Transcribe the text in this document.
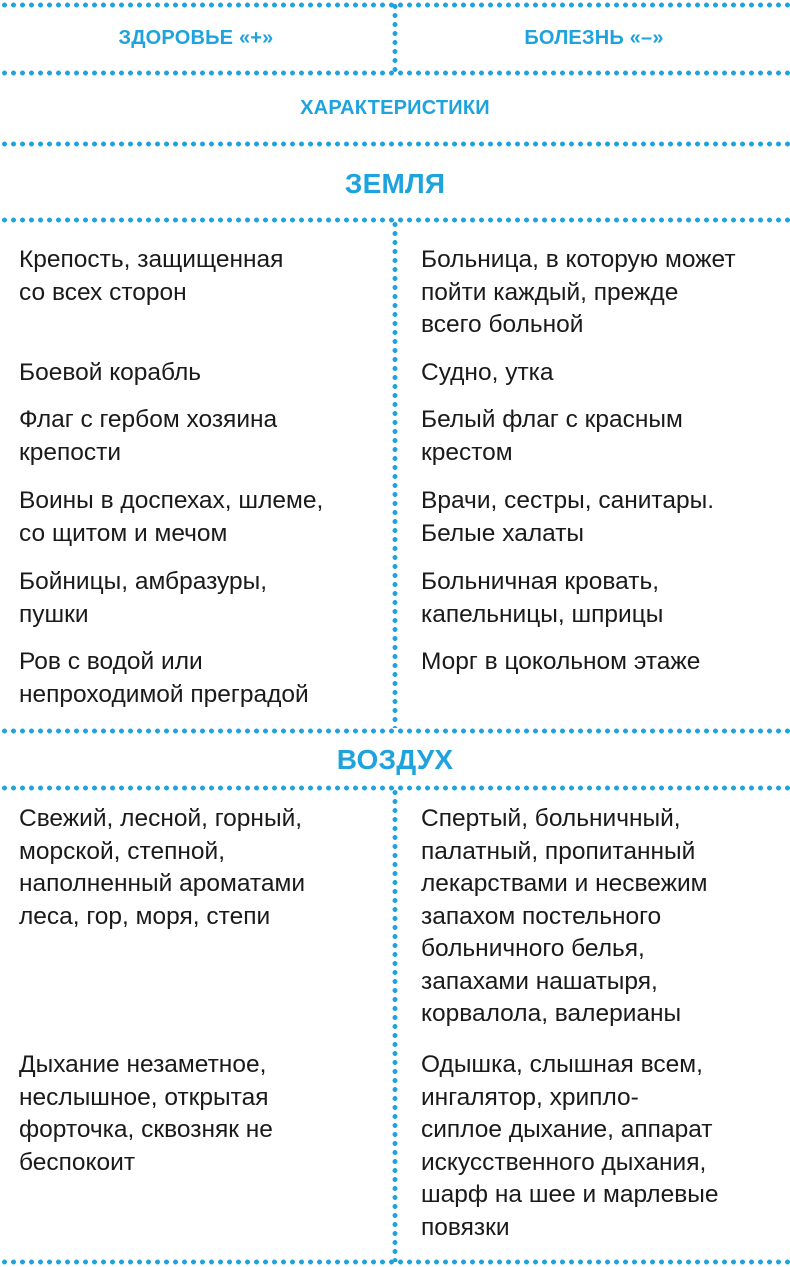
ЗДОРОВЬЕ «+»	БОЛЕЗНЬ «–»
ХАРАКТЕРИСТИКИ
ЗЕМЛЯ
Крепость, защищенная
со всех сторон
Больница, в которую может
пойти каждый, прежде
всего больной
Боевой корабль	Судно, утка
Флаг с гербом хозяина
крепости
Белый флаг с красным
крестом
Воины в доспехах, шлеме,
со щитом и мечом
Врачи, сестры, санитары.
Белые халаты
Бойницы, амбразуры,
пушки
Больничная кровать,
капельницы, шприцы
Ров с водой или
непроходимой преградой
Морг в цокольном этаже
ВОЗДУХ
Свежий, лесной, горный,
морской, степной,
наполненный ароматами
леса, гор, моря, степи
Спертый, больничный,
палатный, пропитанный
лекарствами и несвежим
запахом постельного
больничного белья,
запахами нашатыря,
корвалола, валерианы
Дыхание незаметное,
неслышное, открытая
форточка, сквозняк не
беспокоит
Одышка, слышная всем,
ингалятор, хрипло-
сиплое дыхание, аппарат
искусственного дыхания,
шарф на шее и марлевые
повязки
